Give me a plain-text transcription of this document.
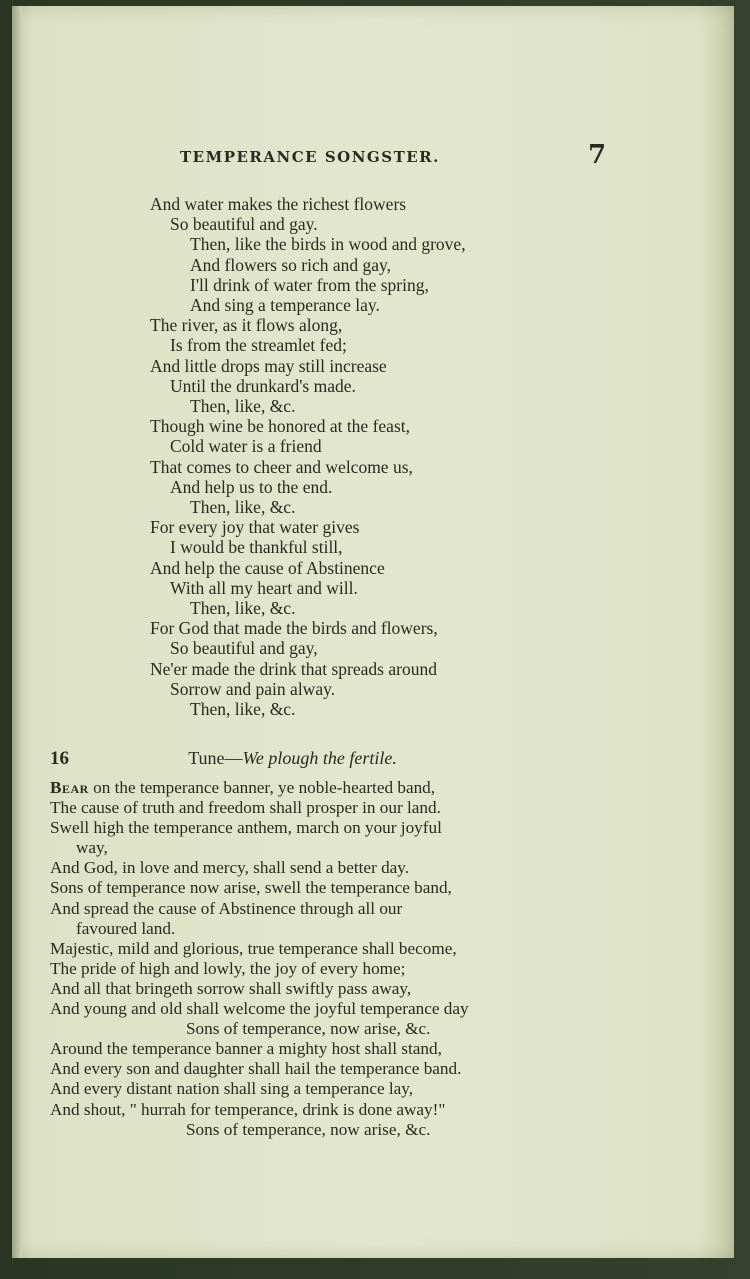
TEMPERANCE SONGSTER.	7
And water makes the richest flowers
So beautiful and gay.
Then, like the birds in wood and grove,
And flowers so rich and gay,
I'll drink of water from the spring,
And sing a temperance lay.
The river, as it flows along,
Is from the streamlet fed;
And little drops may still increase
Until the drunkard's made.
Then, like, &c.
Though wine be honored at the feast,
Cold water is a friend
That comes to cheer and welcome us,
And help us to the end.
Then, like, &c.
For every joy that water gives
I would be thankful still,
And help the cause of Abstinence
With all my heart and will.
Then, like, &c.
For God that made the birds and flowers,
So beautiful and gay,
Ne'er made the drink that spreads around
Sorrow and pain alway.
Then, like, &c.
16	Tune—We plough the fertile.
Bear on the temperance banner, ye noble-hearted band,
The cause of truth and freedom shall prosper in our land.
Swell high the temperance anthem, march on your joyful
way,
And God, in love and mercy, shall send a better day.
Sons of temperance now arise, swell the temperance band,
And spread the cause of Abstinence through all our
favoured land.
Majestic, mild and glorious, true temperance shall become,
The pride of high and lowly, the joy of every home;
And all that bringeth sorrow shall swiftly pass away,
And young and old shall welcome the joyful temperance day
Sons of temperance, now arise, &c.
Around the temperance banner a mighty host shall stand,
And every son and daughter shall hail the temperance band.
And every distant nation shall sing a temperance lay,
And shout, " hurrah for temperance, drink is done away!"
Sons of temperance, now arise, &c.
